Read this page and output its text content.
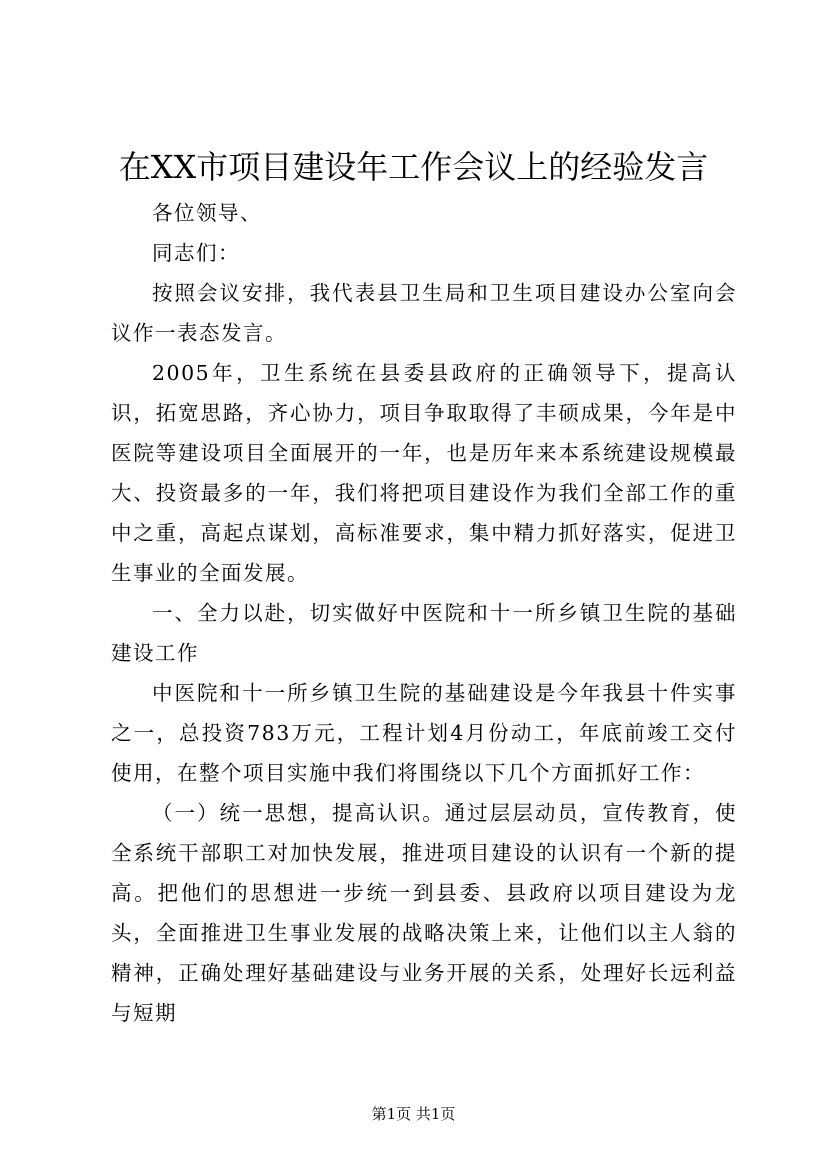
在XX市项目建设年工作会议上的经验发言

各位领导、

同志们：

按照会议安排，我代表县卫生局和卫生项目建设办公室向会议作一表态发言。

2005年，卫生系统在县委县政府的正确领导下，提高认识，拓宽思路，齐心协力，项目争取取得了丰硕成果，今年是中医院等建设项目全面展开的一年，也是历年来本系统建设规模最大、投资最多的一年，我们将把项目建设作为我们全部工作的重中之重，高起点谋划，高标准要求，集中精力抓好落实，促进卫生事业的全面发展。

一、全力以赴，切实做好中医院和十一所乡镇卫生院的基础建设工作

中医院和十一所乡镇卫生院的基础建设是今年我县十件实事之一，总投资783万元，工程计划4月份动工，年底前竣工交付使用，在整个项目实施中我们将围绕以下几个方面抓好工作：

（一）统一思想，提高认识。通过层层动员，宣传教育，使全系统干部职工对加快发展，推进项目建设的认识有一个新的提高。把他们的思想进一步统一到县委、县政府以项目建设为龙头，全面推进卫生事业发展的战略决策上来，让他们以主人翁的精神，正确处理好基础建设与业务开展的关系，处理好长远利益与短期

第1页 共1页
